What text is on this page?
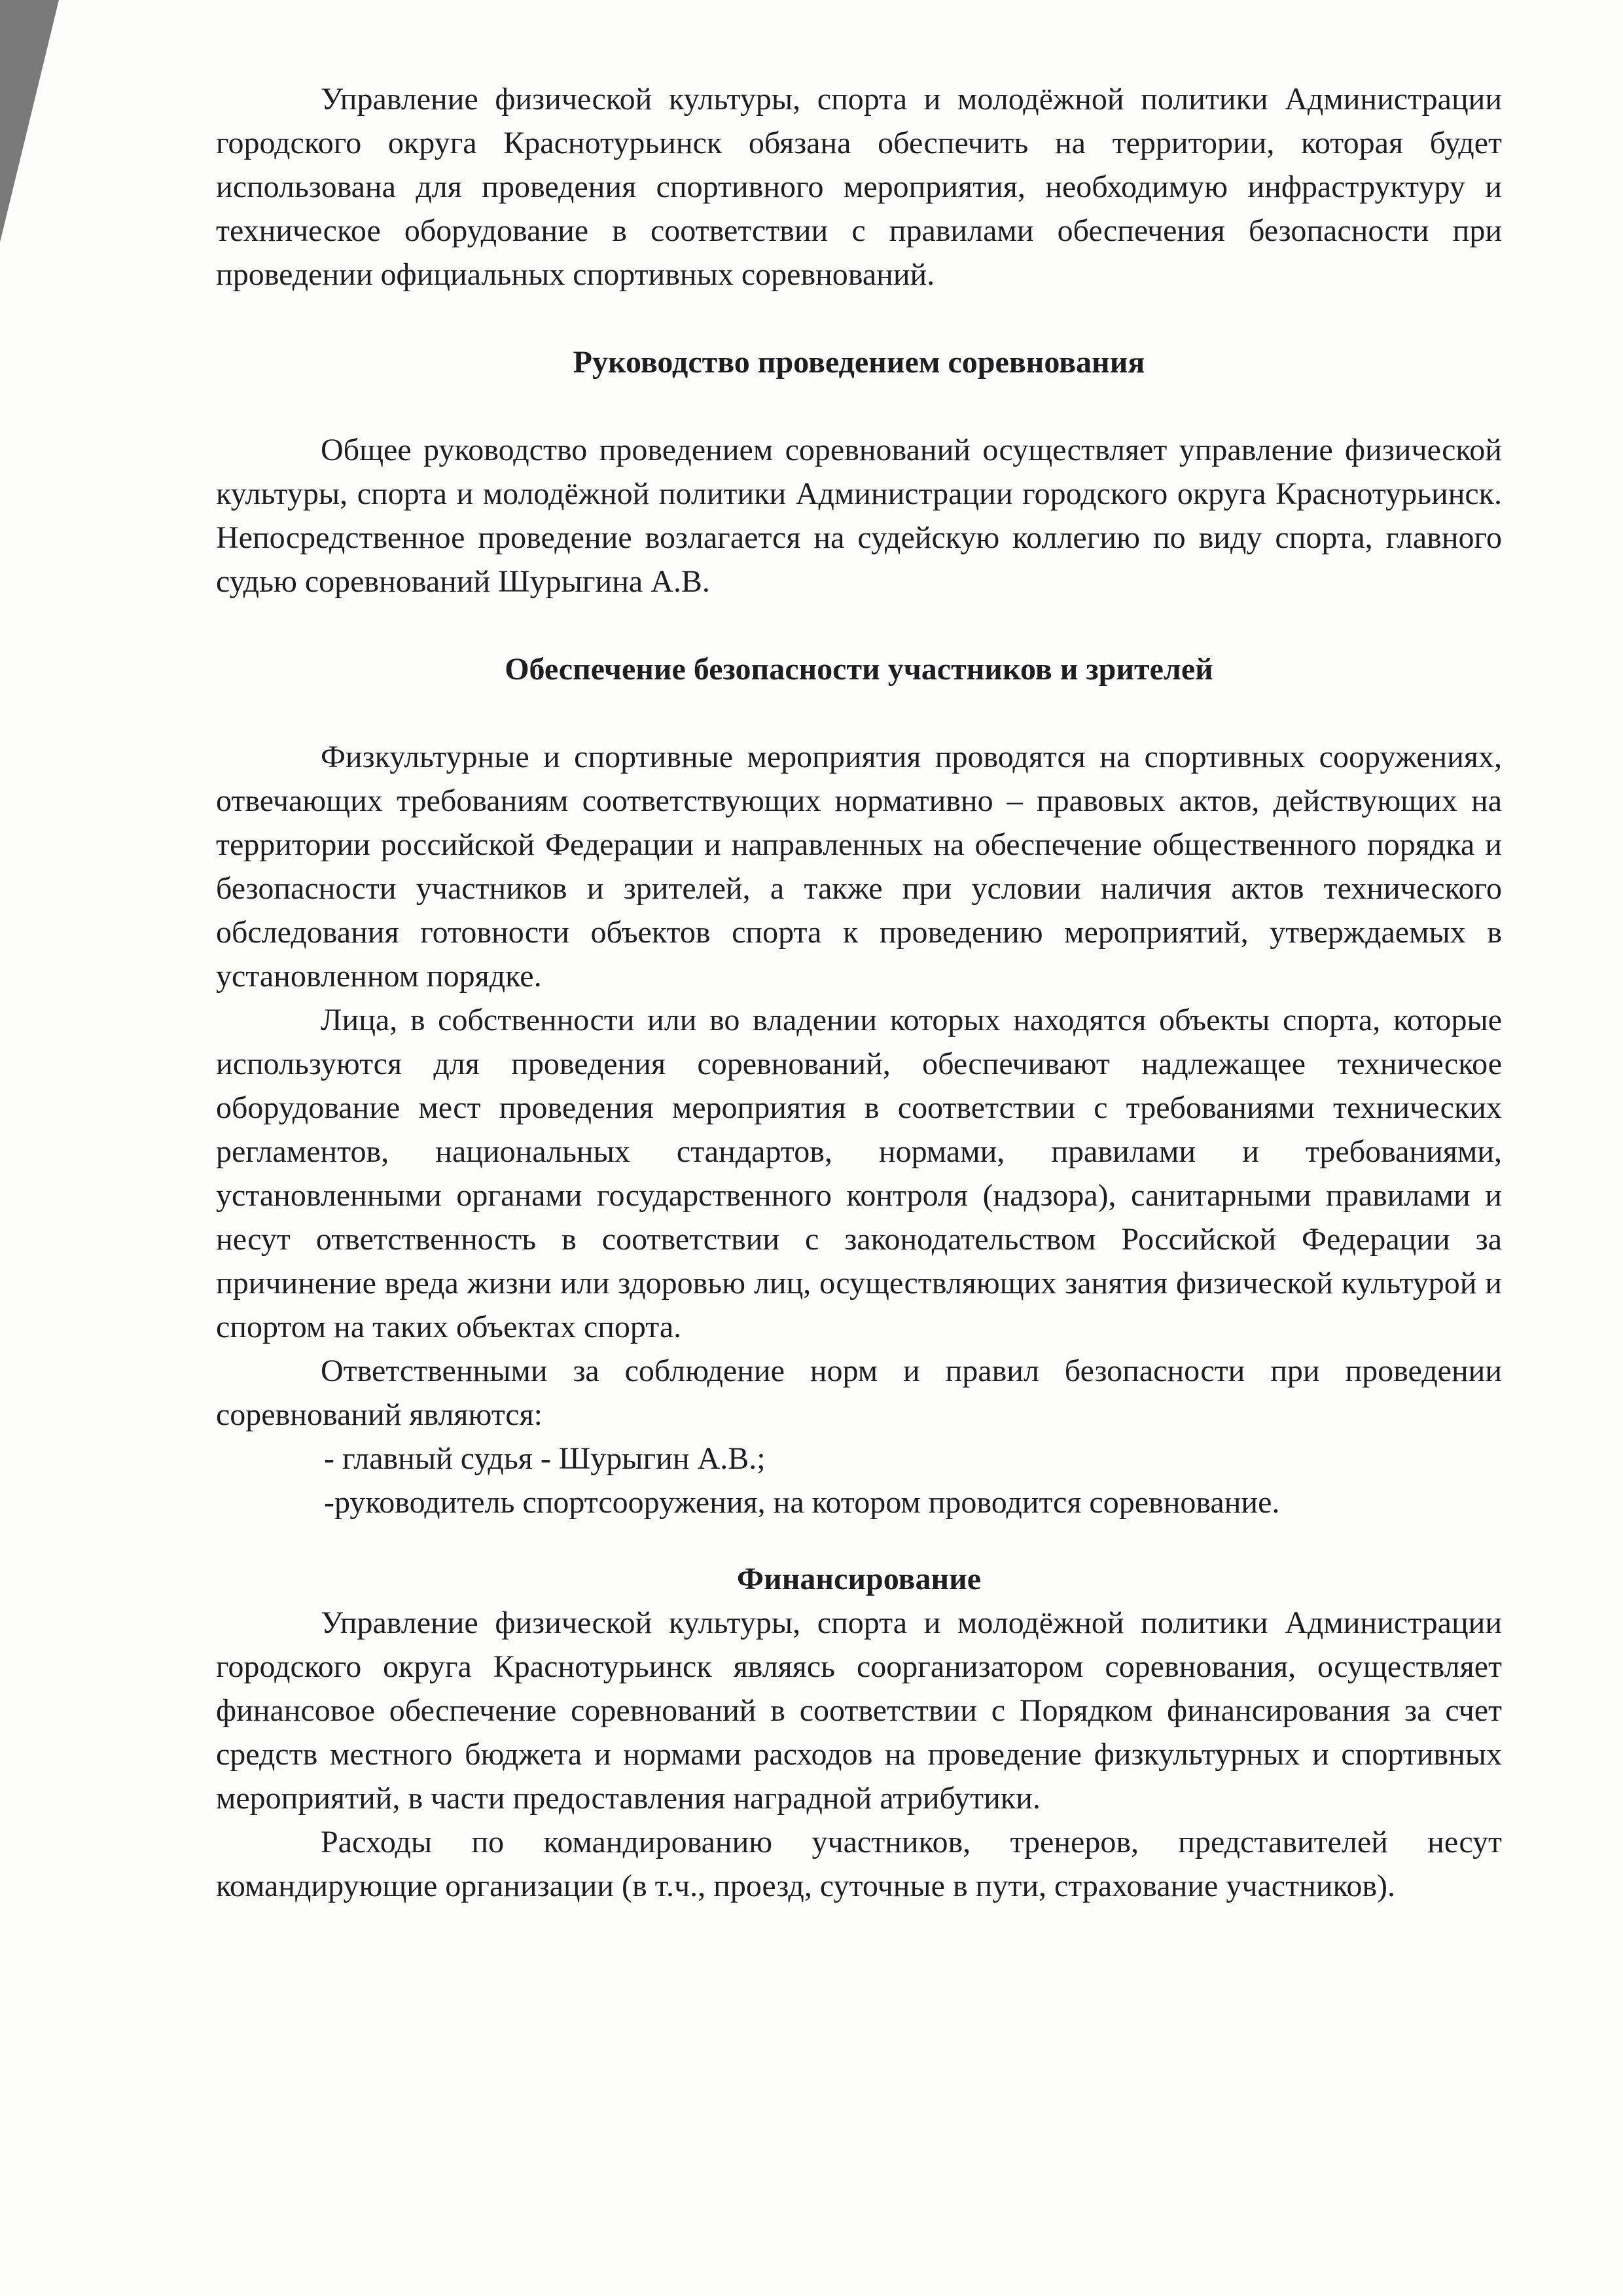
Управление физической культуры, спорта и молодёжной политики Администрации городского округа Краснотурьинск обязана обеспечить на территории, которая будет использована для проведения спортивного мероприятия, необходимую инфраструктуру и техническое оборудование в соответствии с правилами обеспечения безопасности при проведении официальных спортивных соревнований.

Руководство проведением соревнования

Общее руководство проведением соревнований осуществляет управление физической культуры, спорта и молодёжной политики Администрации городского округа Краснотурьинск. Непосредственное проведение возлагается на судейскую коллегию по виду спорта, главного судью соревнований Шурыгина А.В.

Обеспечение безопасности участников и зрителей

Физкультурные и спортивные мероприятия проводятся на спортивных сооружениях, отвечающих требованиям соответствующих нормативно – правовых актов, действующих на территории российской Федерации и направленных на обеспечение общественного порядка и безопасности участников и зрителей, а также при условии наличия актов технического обследования готовности объектов спорта к проведению мероприятий, утверждаемых в установленном порядке.

Лица, в собственности или во владении которых находятся объекты спорта, которые используются для проведения соревнований, обеспечивают надлежащее техническое оборудование мест проведения мероприятия в соответствии с требованиями технических регламентов, национальных стандартов, нормами, правилами и требованиями, установленными органами государственного контроля (надзора), санитарными правилами и несут ответственность в соответствии с законодательством Российской Федерации за причинение вреда жизни или здоровью лиц, осуществляющих занятия физической культурой и спортом на таких объектах спорта.

Ответственными за соблюдение норм и правил безопасности при проведении соревнований являются:

- главный судья - Шурыгин А.В.;

-руководитель спортсооружения, на котором проводится соревнование.

Финансирование

Управление физической культуры, спорта и молодёжной политики Администрации городского округа Краснотурьинск являясь соорганизатором соревнования, осуществляет финансовое обеспечение соревнований в соответствии с Порядком финансирования за счет средств местного бюджета и нормами расходов на проведение физкультурных и спортивных мероприятий, в части предоставления наградной атрибутики.

Расходы по командированию участников, тренеров, представителей несут командирующие организации (в т.ч., проезд, суточные в пути, страхование участников).
